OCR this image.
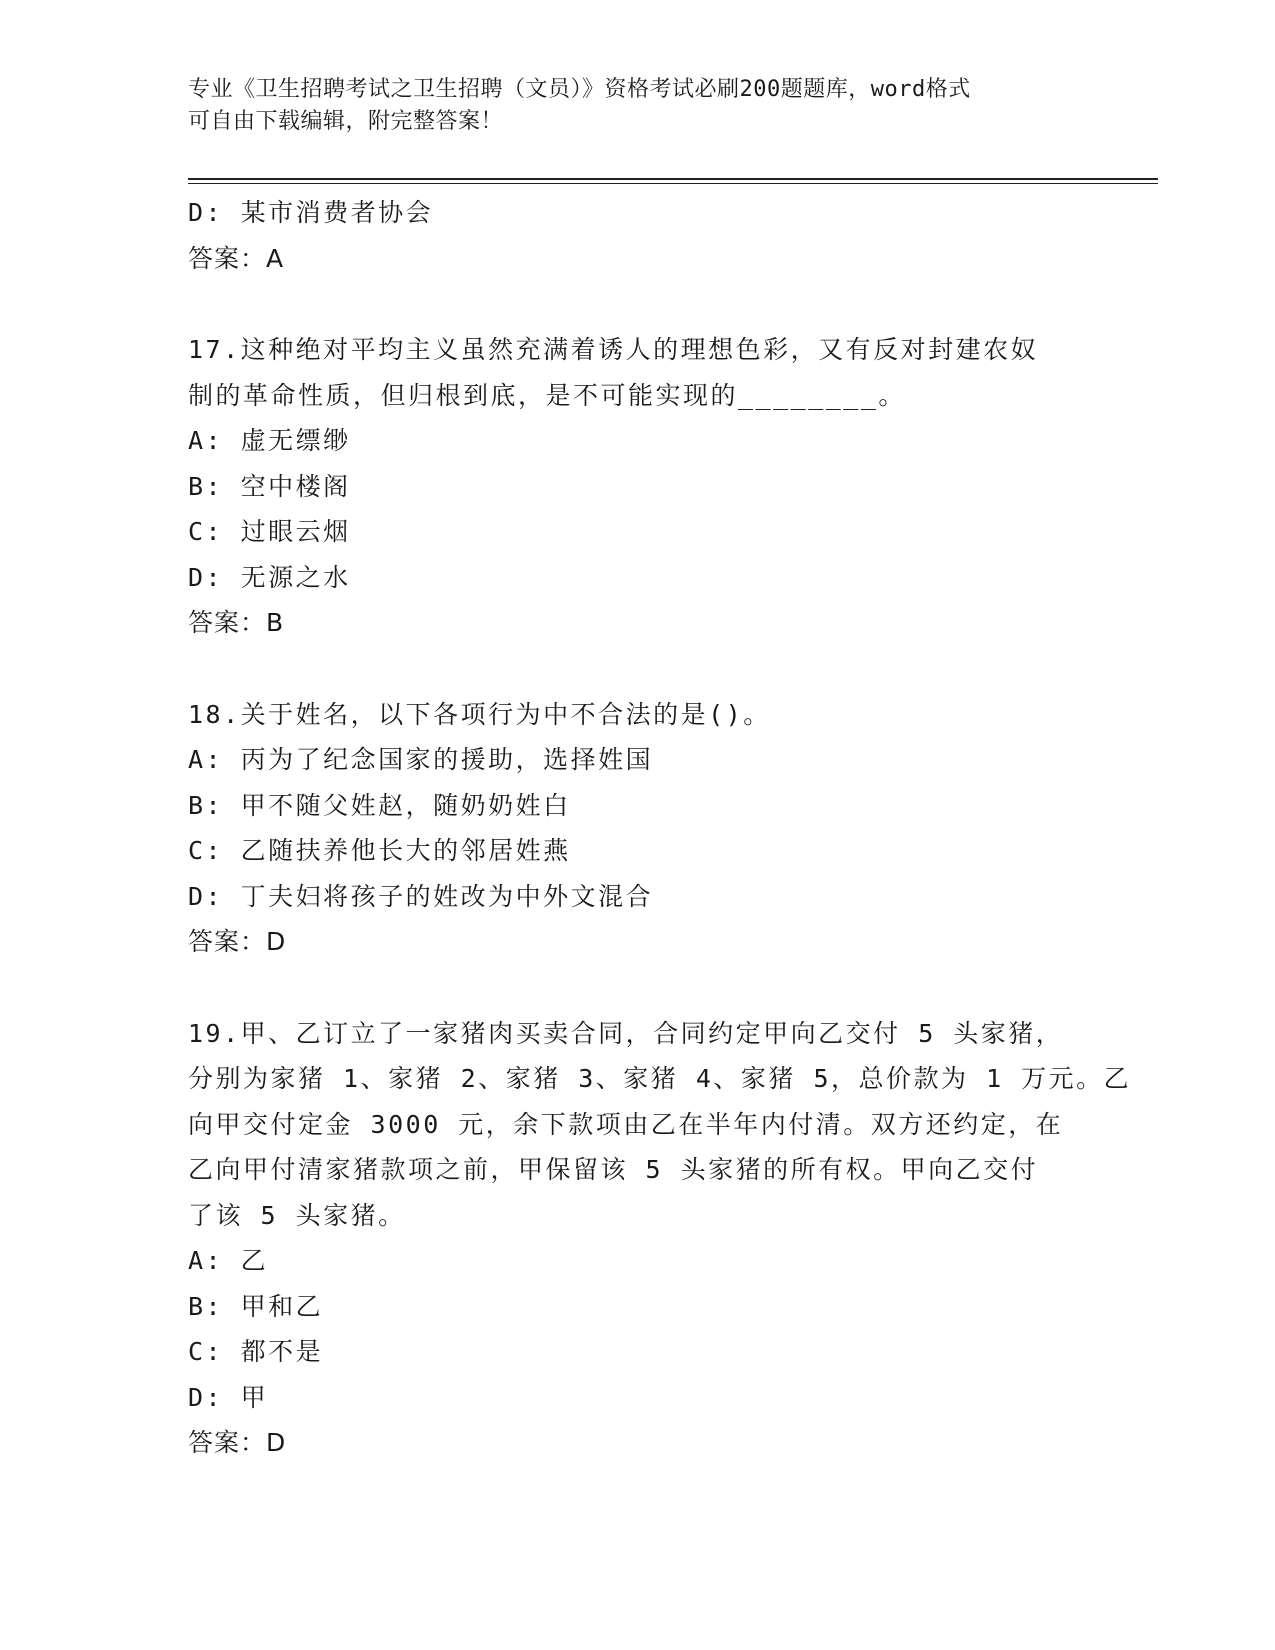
专业《卫生招聘考试之卫生招聘（文员）》资格考试必刷200题题库，word格式
可自由下载编辑，附完整答案！
D: 某市消费者协会
答案：A
17.这种绝对平均主义虽然充满着诱人的理想色彩，又有反对封建农奴
制的革命性质，但归根到底，是不可能实现的________。
A: 虚无缥缈
B: 空中楼阁
C: 过眼云烟
D: 无源之水
答案：B
18.关于姓名，以下各项行为中不合法的是()。
A: 丙为了纪念国家的援助，选择姓国
B: 甲不随父姓赵，随奶奶姓白
C: 乙随扶养他长大的邻居姓燕
D: 丁夫妇将孩子的姓改为中外文混合
答案：D
19.甲、乙订立了一家猪肉买卖合同，合同约定甲向乙交付 5 头家猪，
分别为家猪 1、家猪 2、家猪 3、家猪 4、家猪 5，总价款为 1 万元。乙
向甲交付定金 3000 元，余下款项由乙在半年内付清。双方还约定，在
乙向甲付清家猪款项之前，甲保留该 5 头家猪的所有权。甲向乙交付
了该 5 头家猪。
A: 乙
B: 甲和乙
C: 都不是
D: 甲
答案：D
